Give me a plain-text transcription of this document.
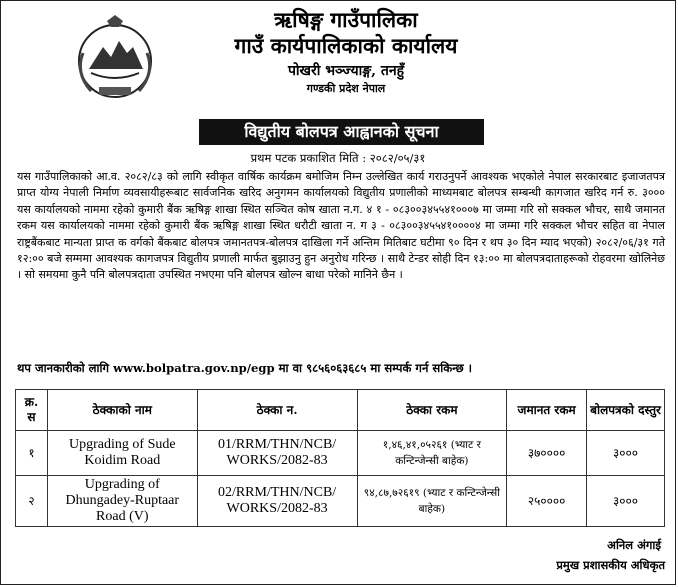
ऋषिङ्ग गाउँपालिका
गाउँ कार्यपालिकाको कार्यालय
पोखरी भञ्ज्याङ्ग, तनहुँ
गण्डकी प्रदेश नेपाल
विद्युतीय बोलपत्र आह्वानको सूचना
प्रथम पटक प्रकाशित मिति : २०८२/०५/३१
यस गाउँपालिकाको आ.व. २०८२/८३ को लागि स्वीकृत वार्षिक कार्यक्रम बमोजिम निम्न उल्लेखित कार्य गराउनुपर्ने आवश्यक भएकोले नेपाल सरकारबाट इजाजतपत्र प्राप्त योग्य नेपाली निर्माण व्यवसायीहरूबाट सार्वजनिक खरिद अनुगमन कार्यालयको विद्युतीय प्रणालीको माध्यमबाट बोलपत्र सम्बन्धी कागजात खरिद गर्न रु. ३००० यस कार्यालयको नाममा रहेको कुमारी बैंक ऋषिङ्ग शाखा स्थित सञ्चित कोष खाता न.ग. ४ १ - ०८३००३४५५४१०००७ मा जम्मा गरि सो सक्कल भौचर, साथै जमानत रकम यस कार्यालयको नाममा रहेको कुमारी बैंक ऋषिङ्ग शाखा स्थित धरौटी खाता न. ग ३ - ०८३००३४५५४१००००४ मा जम्मा गरि सक्कल भौचर सहित वा नेपाल राष्ट्रबैंकबाट मान्यता प्राप्त क वर्गको बैंकबाट बोलपत्र जमानतपत्र-बोलपत्र दाखिला गर्ने अन्तिम मितिबाट घटीमा ९० दिन र थप ३० दिन म्याद भएको) २०८२/०६/३१ गते १२:०० बजे सम्ममा आवश्यक कागजपत्र विद्युतीय प्रणाली मार्फत बुझाउनु हुन अनुरोध गरिन्छ । साथै टेन्डर सोही दिन १३:०० मा बोलपत्रदाताहरूको रोहवरमा खोलिनेछ । सो समयमा कुनै पनि बोलपत्रदाता उपस्थित नभएमा पनि बोलपत्र खोल्न बाधा परेको मानिने छैन ।
थप जानकारीको लागि www.bolpatra.gov.np/egp मा वा ९८५६०६३६८५ मा सम्पर्क गर्न सकिन्छ ।
क्र. स	ठेक्काको नाम	ठेक्का न.	ठेक्का रकम	जमानत रकम	बोलपत्रको दस्तुर
१	Upgrading of Sude Koidim Road	01/RRM/THN/NCB/ WORKS/2082-83	१,४६,४१,०५२६१ (भ्याट र कन्टिन्जेन्सी बाहेक)	३७००००	३०००
२	Upgrading of Dhungadey-Ruptaar Road (V)	02/RRM/THN/NCB/ WORKS/2082-83	९४,८७,७२६१९ (भ्याट र कन्टिन्जेन्सी बाहेक)	२५००००	३०००
अनिल अंगाई
प्रमुख प्रशासकीय अधिकृत
